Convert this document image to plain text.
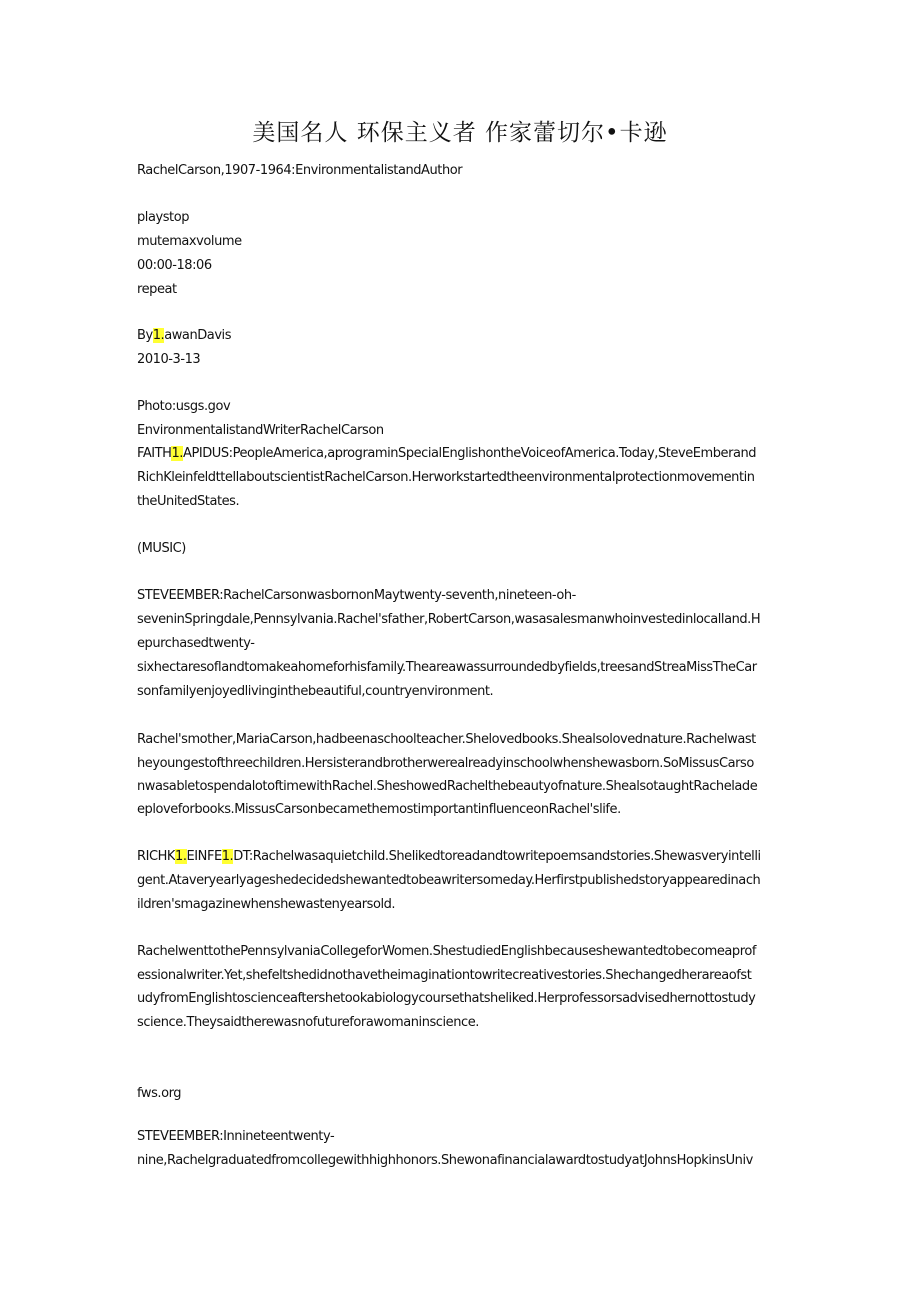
美国名人 环保主义者 作家蕾切尔•卡逊
RachelCarson,1907-1964:EnvironmentalistandAuthor
playstop
mutemaxvolume
00:00-18:06
repeat
By1.awanDavis
2010-3-13
Photo:usgs.gov
EnvironmentalistandWriterRachelCarson
FAITH1.APIDUS:PeopleAmerica,aprograminSpecialEnglishontheVoiceofAmerica.Today,SteveEmberand
RichKleinfeldttellaboutscientistRachelCarson.Herworkstartedtheenvironmentalprotectionmovementin
theUnitedStates.
(MUSIC)
STEVEEMBER:RachelCarsonwasbornonMaytwenty-seventh,nineteen-oh-
seveninSpringdale,Pennsylvania.Rachel'sfather,RobertCarson,wasasalesmanwhoinvestedinlocalland.H
epurchasedtwenty-
sixhectaresoflandtomakeahomeforhisfamily.Theareawassurroundedbyfields,treesandStreaMissTheCar
sonfamilyenjoyedlivinginthebeautiful,countryenvironment.
Rachel'smother,MariaCarson,hadbeenaschoolteacher.Shelovedbooks.Shealsolovednature.Rachelwast
heyoungestofthreechildren.Hersisterandbrotherwerealreadyinschoolwhenshewasborn.SoMissusCarso
nwasabletospendalotoftimewithRachel.SheshowedRachelthebeautyofnature.ShealsotaughtRachelade
eploveforbooks.MissusCarsonbecamethemostimportantinfluenceonRachel'slife.
RICHK1.EINFE1.DT:Rachelwasaquietchild.Shelikedtoreadandtowritepoemsandstories.Shewasveryintelli
gent.Ataveryearlyageshedecidedshewantedtobeawritersomeday.Herfirstpublishedstoryappearedinach
ildren'smagazinewhenshewastenyearsold.
RachelwenttothePennsylvaniaCollegeforWomen.ShestudiedEnglishbecauseshewantedtobecomeaprof
essionalwriter.Yet,shefeltshedidnothavetheimaginationtowritecreativestories.Shechangedherareaofst
udyfromEnglishtoscienceaftershetookabiologycoursethatsheliked.Herprofessorsadvisedhernottostudy
science.Theysaidtherewasnofutureforawomaninscience.
fws.org
STEVEEMBER:Innineteentwenty-
nine,Rachelgraduatedfromcollegewithhighhonors.ShewonafinancialawardtostudyatJohnsHopkinsUniv
